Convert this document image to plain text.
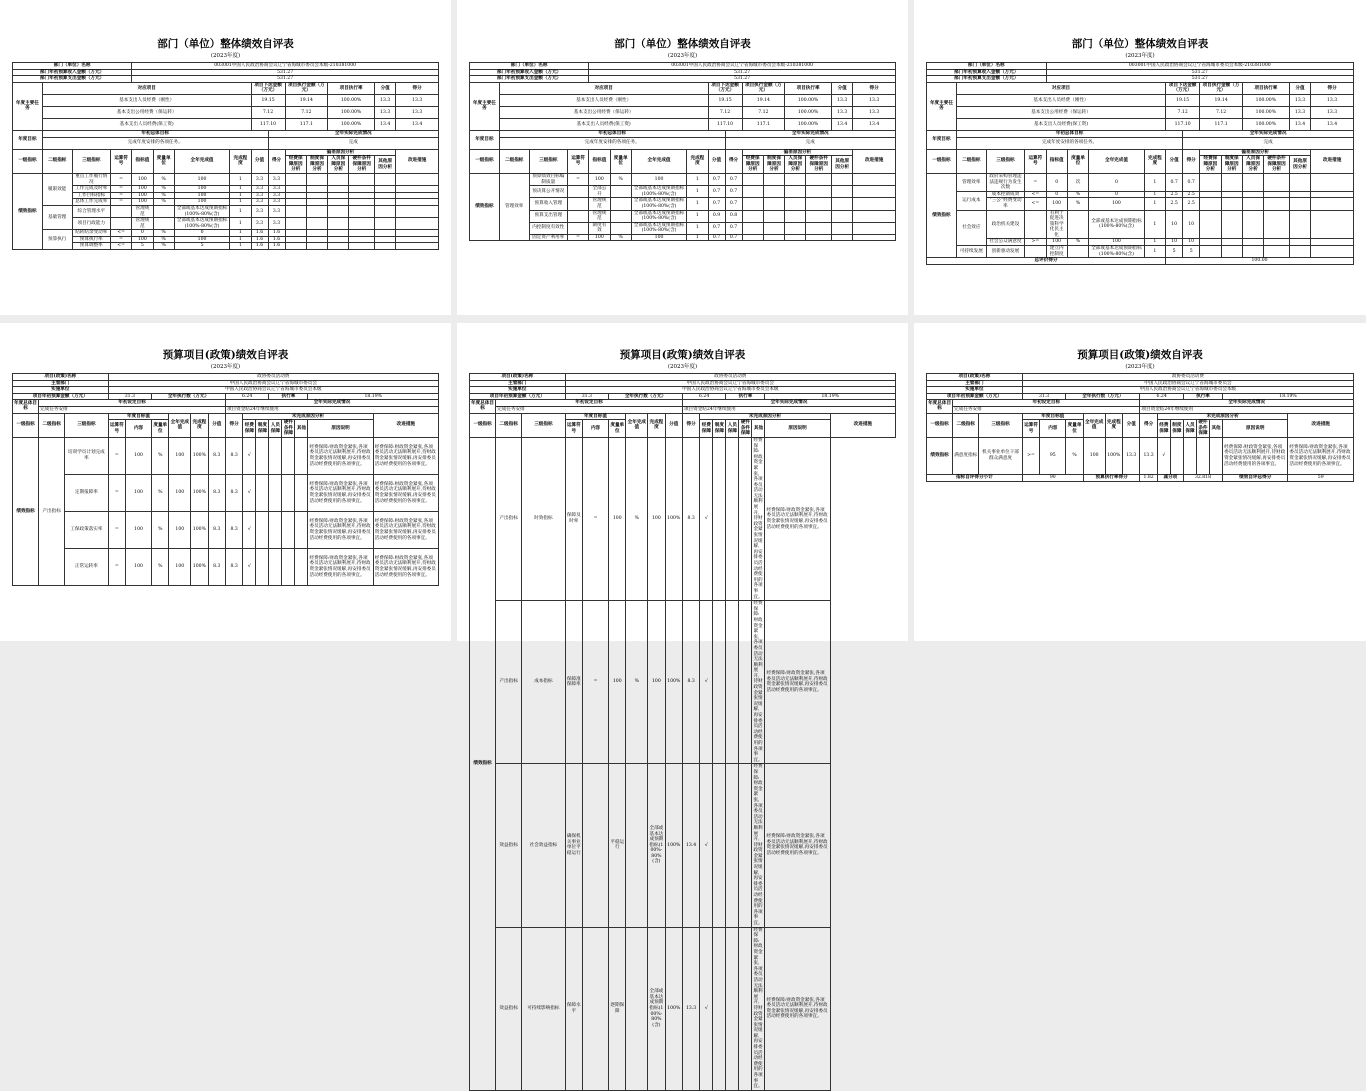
部门（单位）整体绩效自评表
(2023年度)
部门（单位）名称				003001中国人民政治协商会议辽宁省海城市委员会本级-210381000											
部门年初预算收入金额（万元）				531.27											
部门年初预算支出金额（万元）				531.27											
年度主要任务	对应项目							项目下达金额（万元）		项目执行金额（万元）		项目执行率		分值	得分
	基本支出人员经费（刚性）							19.15		19.14		100.00%		13.3	13.3
	基本支出公用经费（保运转）							7.12		7.12		100.00%		13.3	13.3
	基本支出人员经费(保工资)							117.10		117.1		100.00%		13.4	13.4
年度目标	年初总体目标								全年实际完成情况						
	完成年度安排的各项任务。								完成						
一级指标	二级指标	三级指标	运算符号	指标值	度量单位	全年完成值	完成程度	分值	得分	偏差原因分析					改进措施
										经费保障原因分析	制度保障原因分析	人员保障原因分析	硬件条件保障原因分析	其他原因分析	
绩效指标	履职效能	重点工作履行情况	=	100	%	100	1	3.3	3.3						
		工作完成及时率	=	100	%	100	1	3.3	3.3						
		工作目标指标	=	100	%	100	1	3.3	3.3						
		总体工作完成率	=	100	%	100	1	3.3	3.3						
	基础管理	综合管理水平		管理规范		全部或基本达成预期指标(100%-80%(含)	1	3.3	3.3						
		项目行政能力		管理规范		全部或基本达成预期指标(100%-80%(含)	1	3.3	3.3						
	预算执行	结转结余变动率	<=	0	%	0	1	1.6	1.6						
		预算执行率	=	100	%	100	1	1.6	1.6						
		预算调整率	<=	5	%	5	1	1.6	1.6						
部门（单位）整体绩效自评表
(2023年度)
部门（单位）名称				003001中国人民政治协商会议辽宁省海城市委员会本级-210381000											
部门年初预算收入金额（万元）				531.27											
部门年初预算支出金额（万元）				531.27											
年度主要任务	对应项目							项目下达金额（万元）		项目执行金额（万元）		项目执行率		分值	得分
	基本支出人员经费（刚性）							19.15		19.14		100.00%		13.3	13.3
	基本支出公用经费（保运转）							7.12		7.12		100.00%		13.3	13.3
	基本支出人员经费(保工资)							117.10		117.1		100.00%		13.4	13.4
年度目标	年初总体目标								全年实际完成情况						
	完成年度安排的各项任务。								完成						
一级指标	二级指标	三级指标	运算符号	指标值	度量单位	全年完成值	完成程度	分值	得分	偏差原因分析					改进措施
										经费保障原因分析	制度保障原因分析	人员保障原因分析	硬件条件保障原因分析	其他原因分析	
绩效指标	管理效率	预算绩效目标编制质量	=	100	%	100	1	0.7	0.7						
		预决算公开情况		全部公开		全部或基本达成预期指标(100%-80%(含)	1	0.7	0.7						
		预算收入管理		管理规范		全部或基本达成预期指标(100%-80%(含)	1	0.7	0.7						
		预算支出管理		管理规范		全部或基本达成预期指标(100%-80%(含)	1	0.9	0.8						
		内控制度有效性		制度有效		全部或基本达成预期指标(100%-80%(含)	1	0.7	0.7						
		固定资产利用率	=	100	%	100	1	0.7	0.7						
部门（单位）整体绩效自评表
(2023年度)
部门（单位）名称				003001中国人民政治协商会议辽宁省海城市委员会本级-210381000											
部门年初预算收入金额（万元）				531.27											
部门年初预算支出金额（万元）				531.27											
年度主要任务	对应项目							项目下达金额（万元）		项目执行金额（万元）		项目执行率		分值	得分
	基本支出人员经费（刚性）							19.15		19.14		100.00%		13.3	13.3
	基本支出公用经费（保运转）							7.12		7.12		100.00%		13.3	13.3
	基本支出人员经费(保工资)							117.10		117.1		100.00%		13.4	13.4
年度目标	年初总体目标								全年实际完成情况						
	完成年度安排的各项任务。								完成						
一级指标	二级指标	三级指标	运算符号	指标值	度量单位	全年完成值	完成程度	分值	得分	偏差原因分析					改进措施
										经费保障原因分析	制度保障原因分析	人员保障原因分析	硬件条件保障原因分析	其他原因分析	
绩效指标	管理效率	政府采购管理违法违规行为发生次数	=	0	次	0	1	0.7	0.7						
	运行成本	成本控制成效	<=	0	%	0	1	2.5	2.5						
		“三公”经费变动率	<=	100	%	100	1	2.5	2.5						
	社会效应	政治机关建设		有利于促进决策科学化民主化		全部或基本达成预期指标(100%-80%(含)	1	10	10						
		社会公众满意度	>=	100	%	100	1	10	10						
	可持续发展	创新驱动发展		建立内控制度		全部或基本达成预期指标(100%-80%(含)	1	5	5						
总评价得分								100.00							
预算项目(政策)绩效自评表
(2023年度)
项目(政策)名称			政协委员活动费													
主管部门			中国人民政治协商会议辽宁省海城市委员会													
实施单位			中国人民政治协商会议辽宁省海城市委员会本级													
项目年初预算金额（万元）			31.3		全年执行数（万元）				6.24			执行率			18.19%	
年度总体目标	年初设定目标								全年实际完成情况							
	完成任务安排								项目资金结24年继续使用							
一级指标	二级指标	三级指标	年度目标值			全年完成值	完成程度	分值	得分	未完成原因分析						改进措施
			运算符号	内容	度量单位					经费保障	制度保障	人员保障	硬件条件保障	其他	原因说明	
绩效指标	产出指标	培训学员计划完成率	=	100	%	100	100%	8.3	8.3	√					经费保障:财政资金紧张,各项委员活动无法顺利展开,待财政资金紧张情况缓解,再安排委员活动经费使用的各项事宜。	经费保障:财政资金紧张,各项委员活动无法顺利展开,待财政资金紧张情况缓解,再安排委员活动经费使用的各项事宜。
		定期报障率	=	100	%	100	100%	8.3	8.3	√					经费保障:财政资金紧张,各项委员活动无法顺利展开,待财政资金紧张情况缓解,再安排委员活动经费使用的各项事宜。	经费保障:财政资金紧张,各项委员活动无法顺利展开,待财政资金紧张情况缓解,再安排委员活动经费使用的各项事宜。
		工保政策落实率	=	100	%	100	100%	8.3	8.3	√					经费保障:财政资金紧张,各项委员活动无法顺利展开,待财政资金紧张情况缓解,再安排委员活动经费使用的各项事宜。	经费保障:财政资金紧张,各项委员活动无法顺利展开,待财政资金紧张情况缓解,再安排委员活动经费使用的各项事宜。
		正常运转率	=	100	%	100	100%	8.3	8.3	√					经费保障:财政资金紧张,各项委员活动无法顺利展开,待财政资金紧张情况缓解,再安排委员活动经费使用的各项事宜。	经费保障:财政资金紧张,各项委员活动无法顺利展开,待财政资金紧张情况缓解,再安排委员活动经费使用的各项事宜。
预算项目(政策)绩效自评表
(2023年度)
项目(政策)名称			政协委员活动费													
主管部门			中国人民政治协商会议辽宁省海城市委员会													
实施单位			中国人民政治协商会议辽宁省海城市委员会本级													
项目年初预算金额（万元）			31.3		全年执行数（万元）				6.24			执行率			18.19%	
年度总体目标	年初设定目标								全年实际完成情况							
	完成任务安排								项目资金结24年继续使用							
一级指标	二级指标	三级指标	年度目标值			全年完成值	完成程度	分值	得分	未完成原因分析						改进措施
			运算符号	内容	度量单位					经费保障	制度保障	人员保障	硬件条件保障	其他	原因说明	
绩效指标	产出指标	时效指标	保障及时率	=	100	%	100	100%	8.3	√				经费保障:财政资金紧张,各项委员活动无法顺利展开,待财政资金紧张情况缓解,再安排委员活动经费使用的各项事宜。	经费保障:财政资金紧张,各项委员活动无法顺利展开,待财政资金紧张情况缓解,再安排委员活动经费使用的各项事宜。	
	产出指标	成本指标	保障准保障率	=	100	%	100	100%	8.3	√				经费保障:财政资金紧张,各项委员活动无法顺利展开,待财政资金紧张情况缓解,再安排委员活动经费使用的各项事宜。	经费保障:财政资金紧张,各项委员活动无法顺利展开,待财政资金紧张情况缓解,再安排委员活动经费使用的各项事宜。	
	效益指标	社会效益指标	确保机关事业单位平稳运行		平稳运行		全部或基本达成预期指标(100%-80%(含)	100%	13.4	√				经费保障:财政资金紧张,各项委员活动无法顺利展开,待财政资金紧张情况缓解,再安排委员活动经费使用的各项事宜。	经费保障:财政资金紧张,各项委员活动无法顺利展开,待财政资金紧张情况缓解,再安排委员活动经费使用的各项事宜。	
	效益指标	可持续影响指标	保障水平		逐期保障		全部或基本达成预期指标(100%-80%(含)	100%	13.3	√				经费保障:财政资金紧张,各项委员活动无法顺利展开,待财政资金紧张情况缓解,再安排委员活动经费使用的各项事宜。	经费保障:财政资金紧张,各项委员活动无法顺利展开,待财政资金紧张情况缓解,再安排委员活动经费使用的各项事宜。	
预算项目(政策)绩效自评表
(2023年度)
项目(政策)名称			政协委员活动费													
主管部门			中国人民政治协商会议辽宁省海城市委员会													
实施单位			中国人民政治协商会议辽宁省海城市委员会本级													
项目年初预算金额（万元）			31.3		全年执行数（万元）				6.24			执行率			18.19%	
年度总体目标	年初设定目标								全年实际完成情况							
	完成任务安排								项目资金结24年继续使用							
一级指标	二级指标	三级指标	年度目标值			全年完成值	完成程度	分值	得分	未完成原因分析						改进措施
			运算符号	内容	度量单位					经费保障	制度保障	人员保障	硬件条件保障	其他	原因说明	
绩效指标	满意度指标	机关事业单位干部群众满意度	>=	95	%	100	100%	13.3	13.3	√					经费保障:财政资金紧张,各项委员活动无法顺利展开,待财政资金紧张情况缓解,再安排委员活动经费使用的各项事宜。	经费保障:财政资金紧张,各项委员活动无法顺利展开,待财政资金紧张情况缓解,再安排委员活动经费使用的各项事宜。
指标自评得分小计			90			预算执行率得分			1.82	减分项		32.818			绩效自评总得分	59
